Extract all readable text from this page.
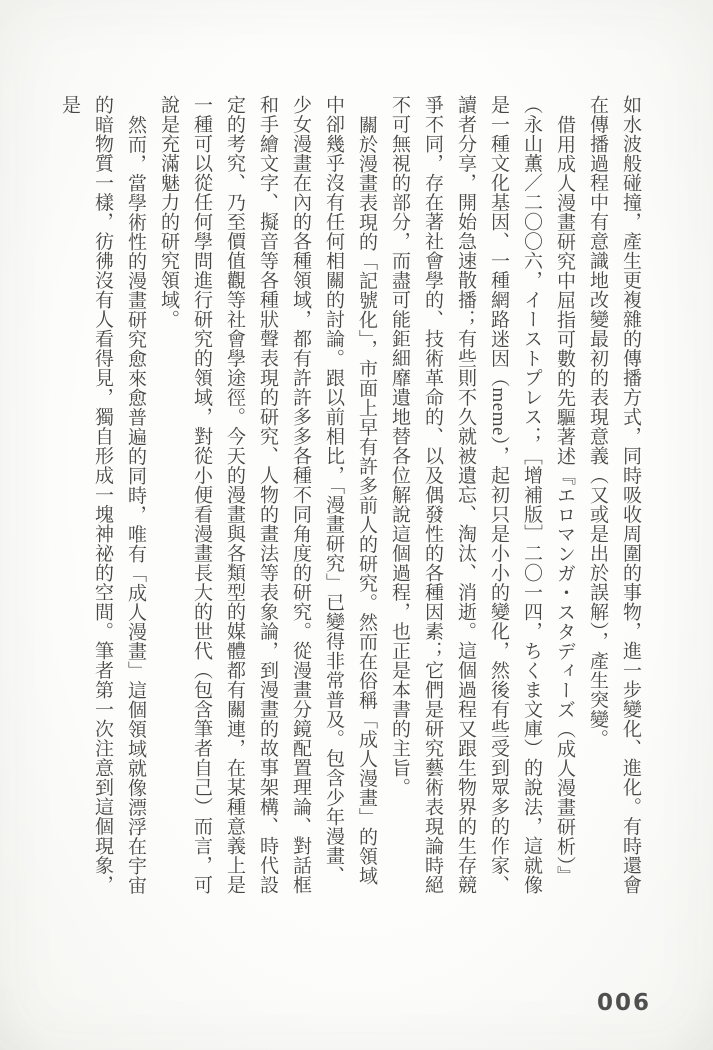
如水波般碰撞，產生更複雜的傳播方式，同時吸收周圍的事物，進一步變化、進化。有時還會在傳播過程中有意識地改變最初的表現意義（又或是出於誤解），產生突變。

借用成人漫畫研究中屈指可數的先驅著述『エロマンガ・スタディーズ（成人漫畫研析）』（永山薫／二〇〇六，イーストプレス；［增補版］二〇一四，ちくま文庫）的說法，這就像是一種文化基因、一種網路迷因（meme），起初只是小小的變化，然後有些受到眾多的作家、讀者分享，開始急速散播；有些則不久就被遺忘、淘汰、消逝。這個過程又跟生物界的生存競爭不同，存在著社會學的、技術革命的、以及偶發性的各種因素；它們是研究藝術表現論時絕不可無視的部分，而盡可能鉅細靡遺地替各位解說這個過程，也正是本書的主旨。

關於漫畫表現的「記號化」，市面上早有許多前人的研究。然而在俗稱「成人漫畫」的領域中卻幾乎沒有任何相關的討論。跟以前相比，「漫畫研究」已變得非常普及。包含少年漫畫、少女漫畫在內的各種領域，都有許許多多各種不同角度的研究。從漫畫分鏡配置理論、對話框和手繪文字、擬音等各種狀聲表現的研究、人物的畫法等表象論，到漫畫的故事架構、時代設定的考究、乃至價值觀等社會學途徑。今天的漫畫與各類型的媒體都有關連，在某種意義上是一種可以從任何學問進行研究的領域，對從小便看漫畫長大的世代（包含筆者自己）而言，可說是充滿魅力的研究領域。

然而，當學術性的漫畫研究愈來愈普遍的同時，唯有「成人漫畫」這個領域就像漂浮在宇宙的暗物質一樣，彷彿沒有人看得見，獨自形成一塊神祕的空間。筆者第一次注意到這個現象，是

006
